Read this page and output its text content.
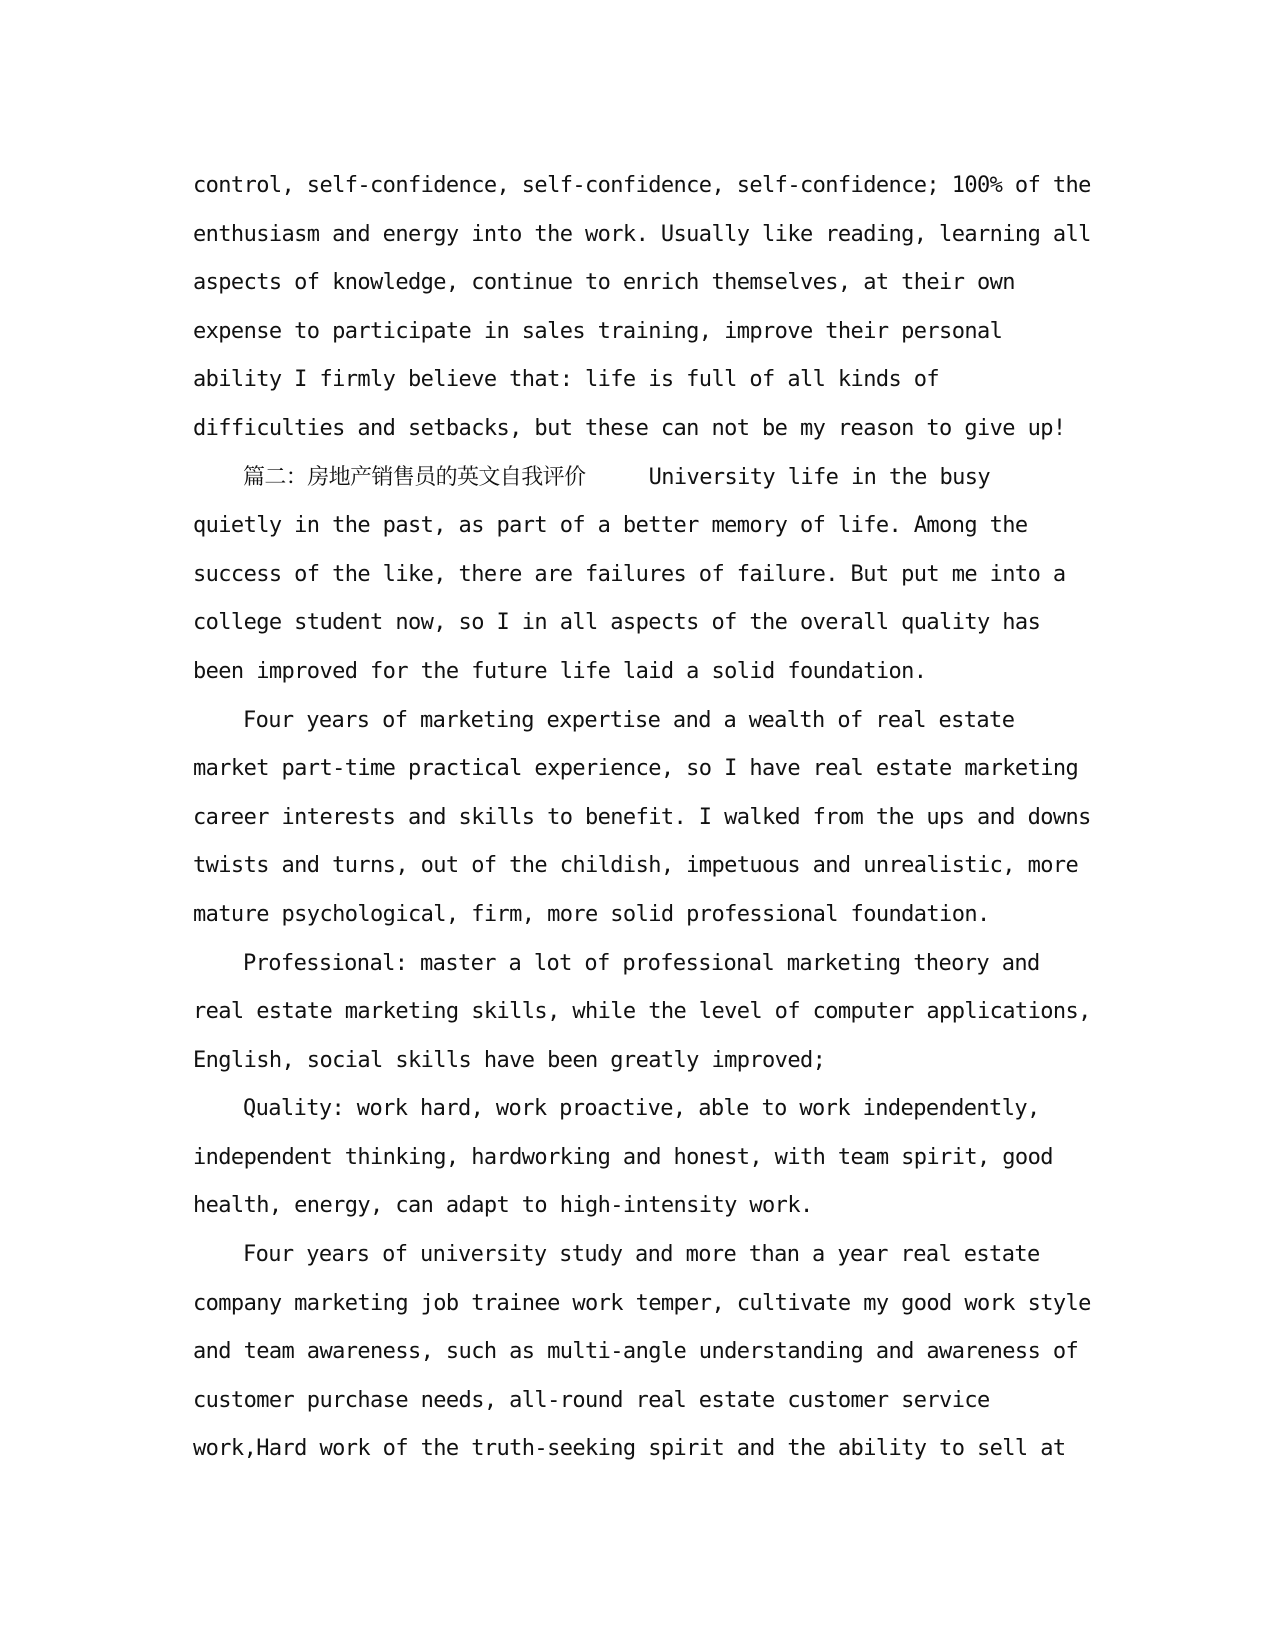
control, self-confidence, self-confidence, self-confidence; 100% of the
enthusiasm and energy into the work. Usually like reading, learning all
aspects of knowledge, continue to enrich themselves, at their own
expense to participate in sales training, improve their personal
ability I firmly believe that: life is full of all kinds of
difficulties and setbacks, but these can not be my reason to give up!
篇二：房地产销售员的英文自我评价     University life in the busy
quietly in the past, as part of a better memory of life. Among the
success of the like, there are failures of failure. But put me into a
college student now, so I in all aspects of the overall quality has
been improved for the future life laid a solid foundation.
Four years of marketing expertise and a wealth of real estate
market part-time practical experience, so I have real estate marketing
career interests and skills to benefit. I walked from the ups and downs
twists and turns, out of the childish, impetuous and unrealistic, more
mature psychological, firm, more solid professional foundation.
Professional: master a lot of professional marketing theory and
real estate marketing skills, while the level of computer applications,
English, social skills have been greatly improved;
Quality: work hard, work proactive, able to work independently,
independent thinking, hardworking and honest, with team spirit, good
health, energy, can adapt to high-intensity work.
Four years of university study and more than a year real estate
company marketing job trainee work temper, cultivate my good work style
and team awareness, such as multi-angle understanding and awareness of
customer purchase needs, all-round real estate customer service
work,Hard work of the truth-seeking spirit and the ability to sell at
